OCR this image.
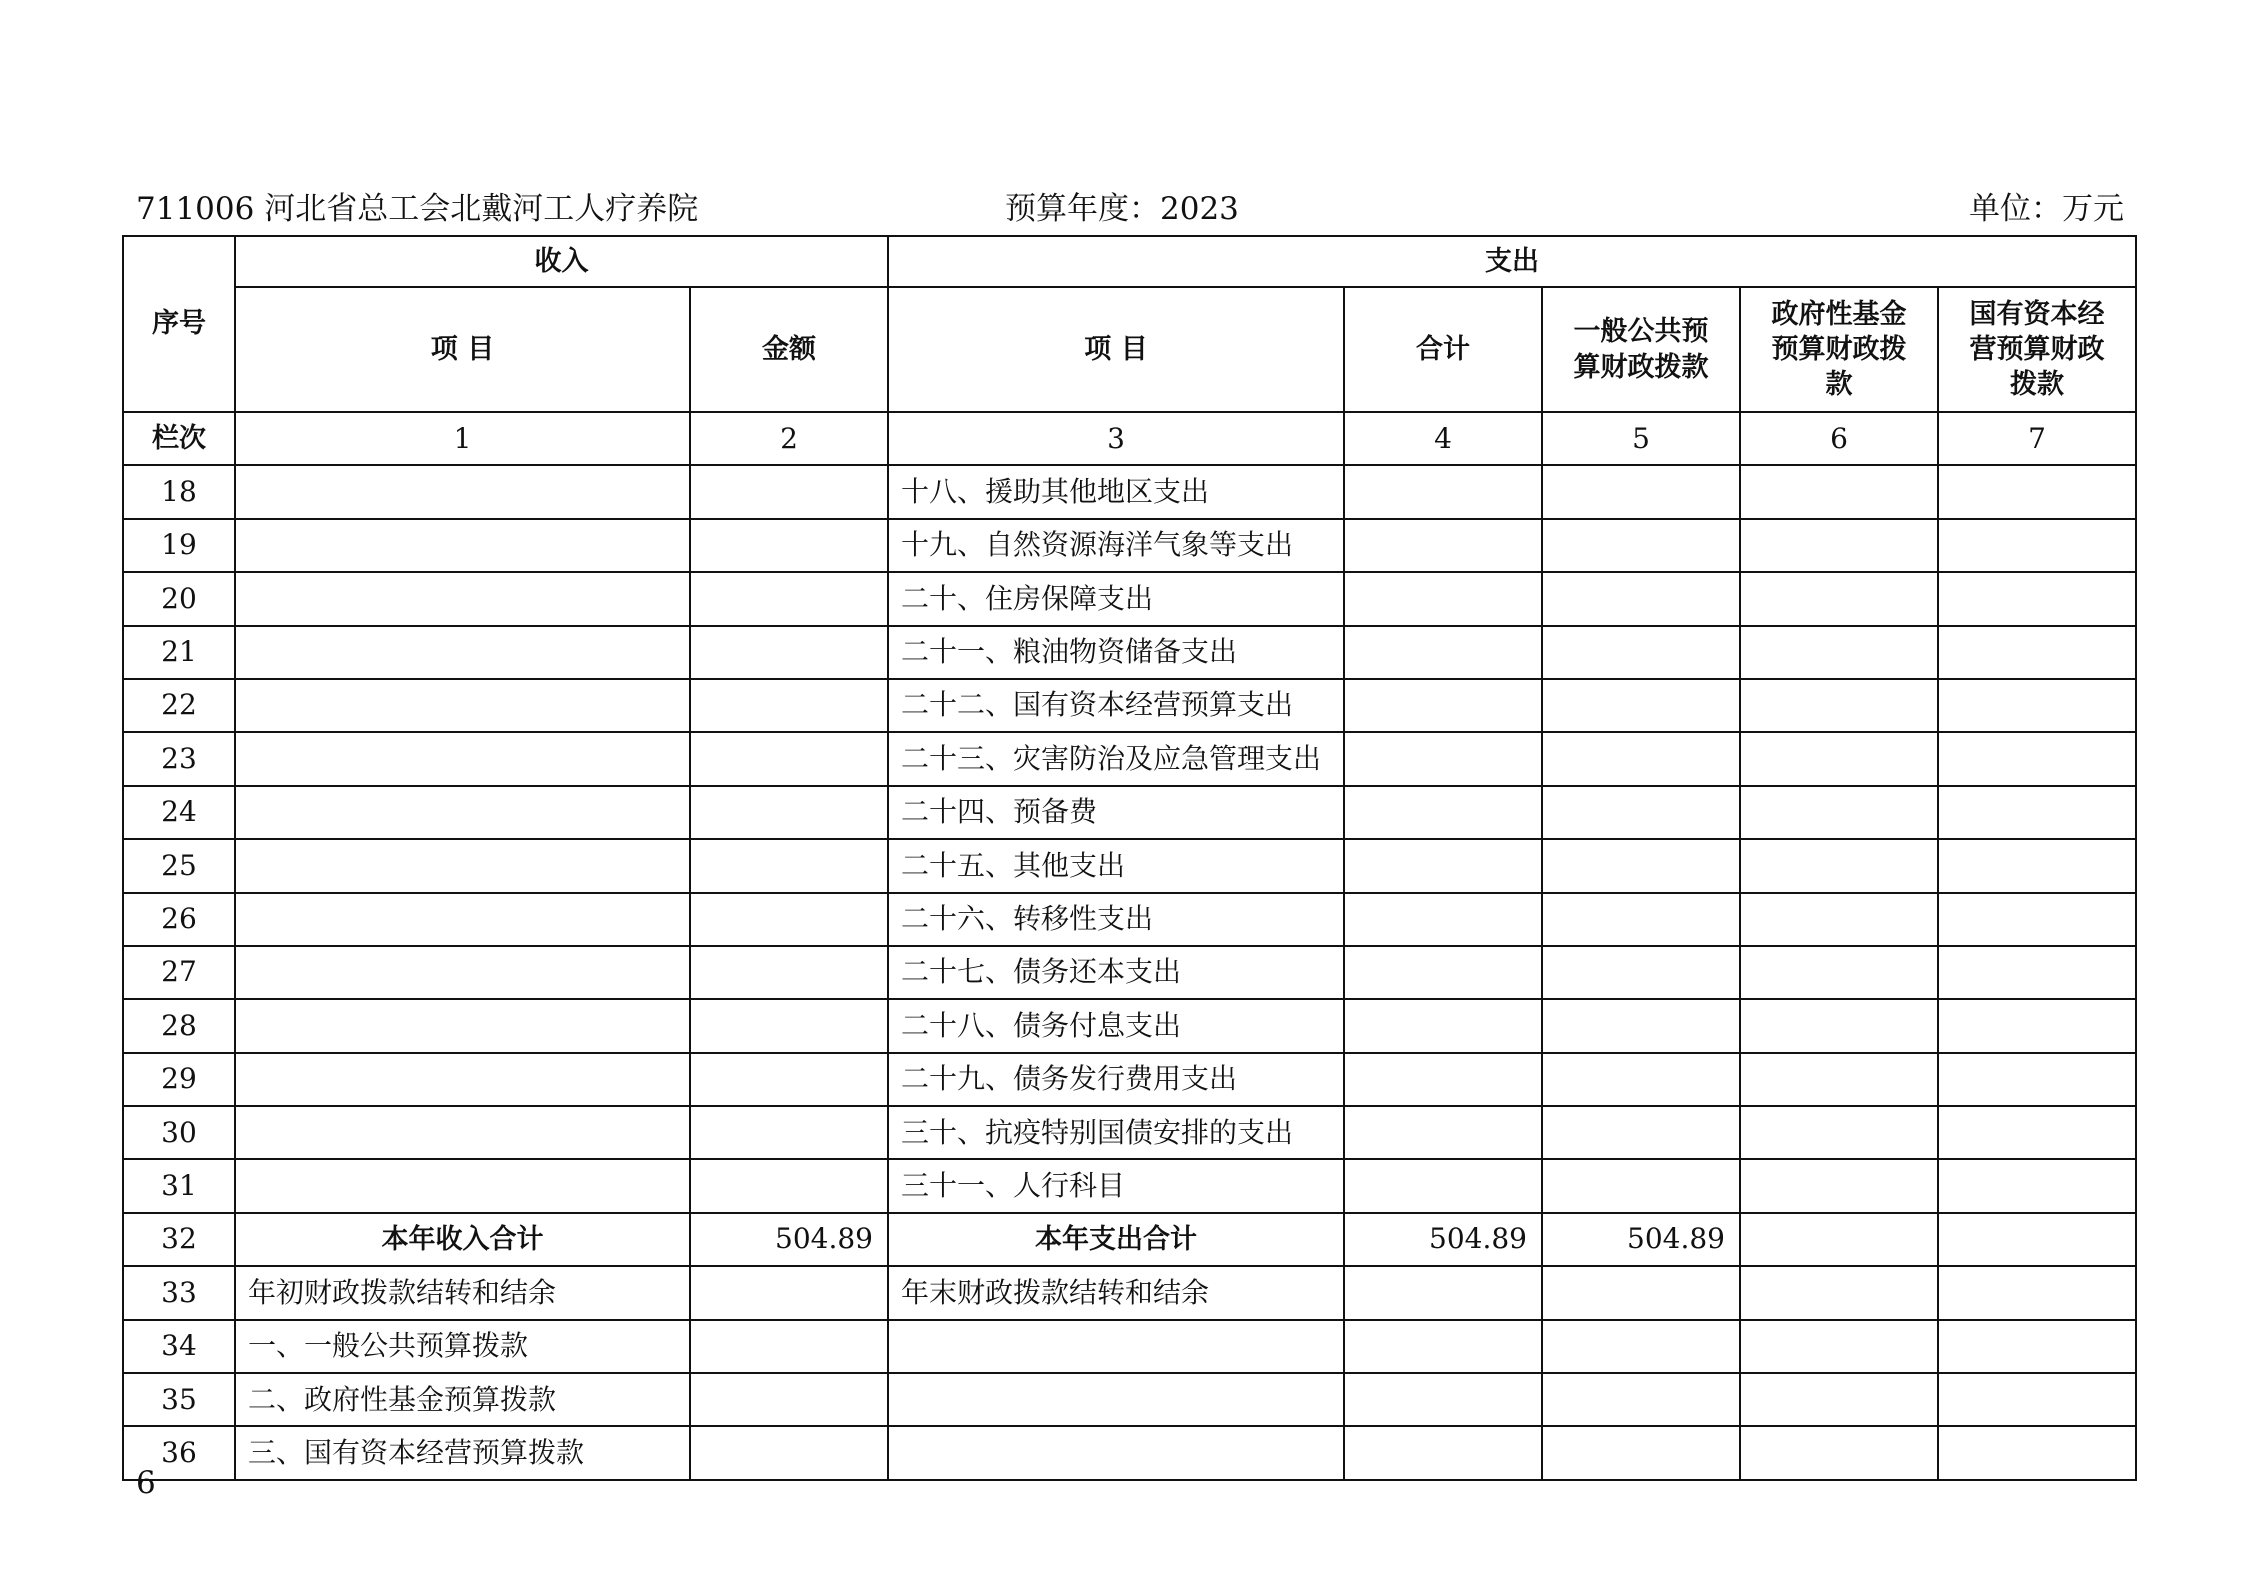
711006 河北省总工会北戴河工人疗养院	预算年度：2023	单位：万元
序号	收入		支出				
	项 目	金额	项 目	合计	一般公共预算财政拨款	政府性基金预算财政拨款	国有资本经营预算财政拨款

栏次	1	2	3	4	5	6	7
18			十八、援助其他地区支出				
19			十九、自然资源海洋气象等支出				
20			二十、住房保障支出				
21			二十一、粮油物资储备支出				
22			二十二、国有资本经营预算支出				
23			二十三、灾害防治及应急管理支出				
24			二十四、预备费				
25			二十五、其他支出				
26			二十六、转移性支出				
27			二十七、债务还本支出				
28			二十八、债务付息支出				
29			二十九、债务发行费用支出				
30			三十、抗疫特别国债安排的支出				
31			三十一、人行科目				
32	本年收入合计	504.89	本年支出合计	504.89	504.89		
33	年初财政拨款结转和结余		年末财政拨款结转和结余				
34	一、一般公共预算拨款						
35	二、政府性基金预算拨款						
36	三、国有资本经营预算拨款						
6
